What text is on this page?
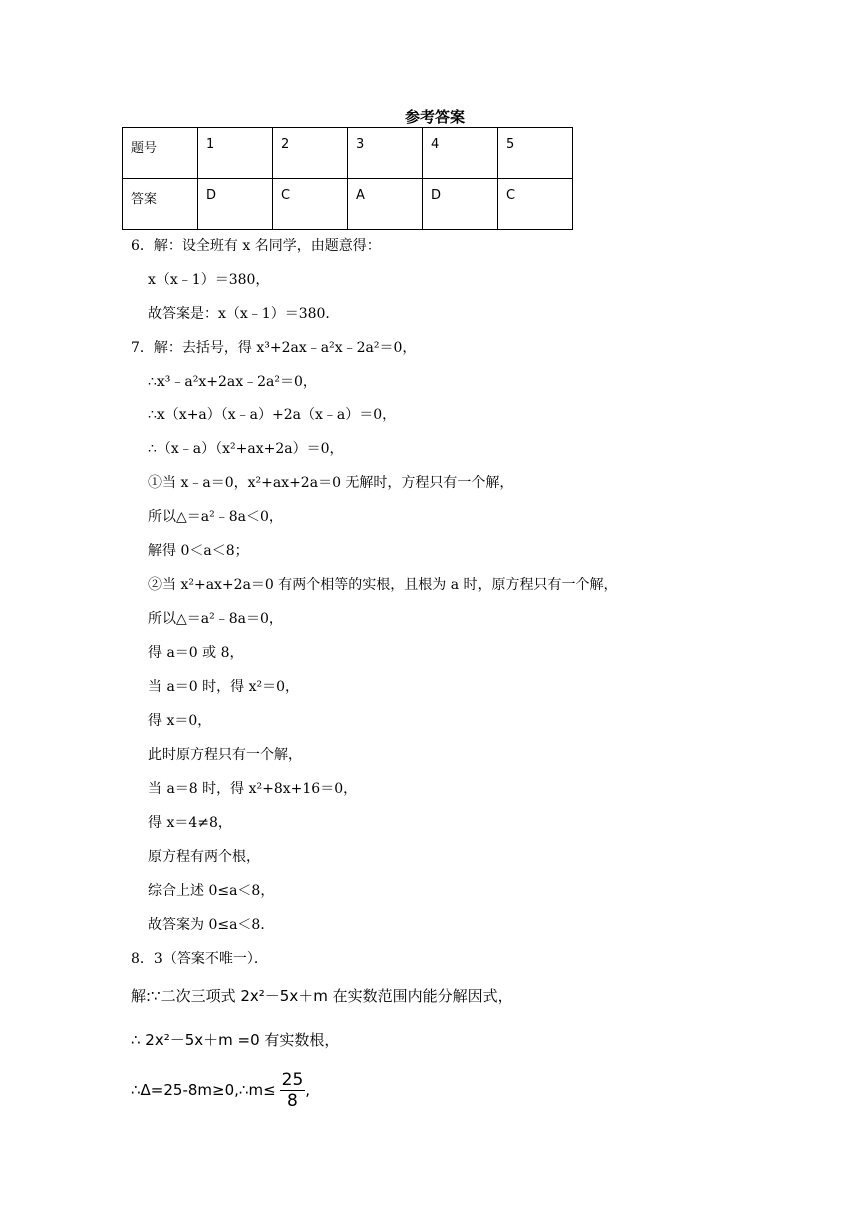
参考答案
题号	1	2	3	4	5
答案	D	C	A	D	C
6．解：设全班有 x 名同学，由题意得：
x（x﹣1）＝380，
故答案是：x（x﹣1）＝380．
7．解：去括号，得 x³+2ax﹣a²x﹣2a²＝0，
∴x³﹣a²x+2ax﹣2a²＝0，
∴x（x+a）（x﹣a）+2a（x﹣a）＝0，
∴（x﹣a）（x²+ax+2a）＝0，
①当 x﹣a＝0，x²+ax+2a＝0 无解时，方程只有一个解，
所以△＝a²﹣8a＜0，
解得 0＜a＜8；
②当 x²+ax+2a＝0 有两个相等的实根，且根为 a 时，原方程只有一个解，
所以△＝a²﹣8a＝0，
得 a＝0 或 8，
当 a＝0 时，得 x²＝0，
得 x＝0，
此时原方程只有一个解，
当 a＝8 时，得 x²+8x+16＝0，
得 x＝4≠8，
原方程有两个根，
综合上述 0≤a＜8，
故答案为 0≤a＜8．
8．3（答案不唯一）．
解:∵二次三项式 2x²－5x＋m 在实数范围内能分解因式，
∴ 2x²－5x＋m =0 有实数根，
∴Δ=25-8m≥0,∴m≤ $\frac{25}{8}$ ,
